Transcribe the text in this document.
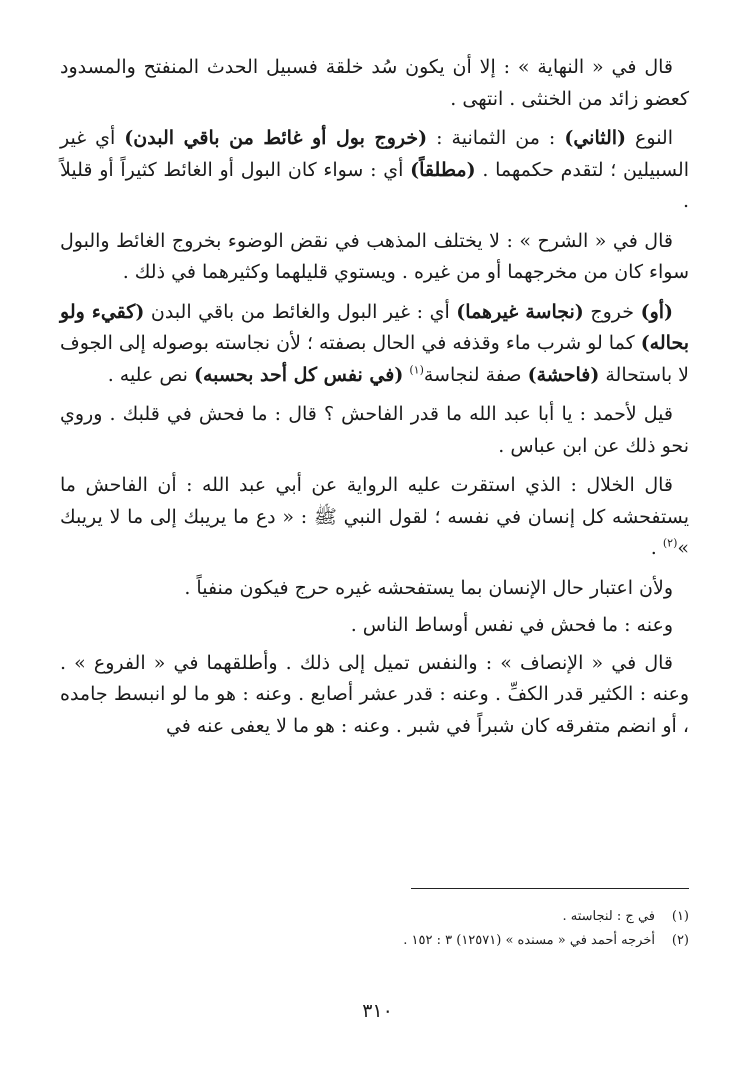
قال في « النهاية » : إلا أن يكون سُد خلقة فسبيل الحدث المنفتح والمسدود كعضو زائد من الخنثى . انتهى .

النوع (الثاني) : من الثمانية : (خروج بول أو غائط من باقي البدن) أي غير السبيلين ؛ لتقدم حكمهما . (مطلقاً) أي : سواء كان البول أو الغائط كثيراً أو قليلاً .

قال في « الشرح » : لا يختلف المذهب في نقض الوضوء بخروج الغائط والبول سواء كان من مخرجهما أو من غيره . ويستوي قليلهما وكثيرهما في ذلك .

(أو) خروج (نجاسة غيرهما) أي : غير البول والغائط من باقي البدن (كقيء ولو بحاله) كما لو شرب ماء وقذفه في الحال بصفته ؛ لأن نجاسته بوصوله إلى الجوف لا باستحالة (فاحشة) صفة لنجاسة$^{(١)}$ (في نفس كل أحد بحسبه) نص عليه .

قيل لأحمد : يا أبا عبد الله ما قدر الفاحش ؟ قال : ما فحش في قلبك . وروي نحو ذلك عن ابن عباس .

قال الخلال : الذي استقرت عليه الرواية عن أبي عبد الله : أن الفاحش ما يستفحشه كل إنسان في نفسه ؛ لقول النبي ﷺ : « دع ما يريبك إلى ما لا يريبك »$^{(٢)}$ .

ولأن اعتبار حال الإنسان بما يستفحشه غيره حرج فيكون منفياً .

وعنه : ما فحش في نفس أوساط الناس .

قال في « الإنصاف » : والنفس تميل إلى ذلك . وأطلقهما في « الفروع » . وعنه : الكثير قدر الكفِّ . وعنه : قدر عشر أصابع . وعنه : هو ما لو انبسط جامده ، أو انضم متفرقه كان شبراً في شبر . وعنه : هو ما لا يعفى عنه في

(١)
في ج : لنجاسته .
(٢)
أخرجه أحمد في « مسنده » (١٢٥٧١) ٣ : ١٥٢ .
٣١٠
